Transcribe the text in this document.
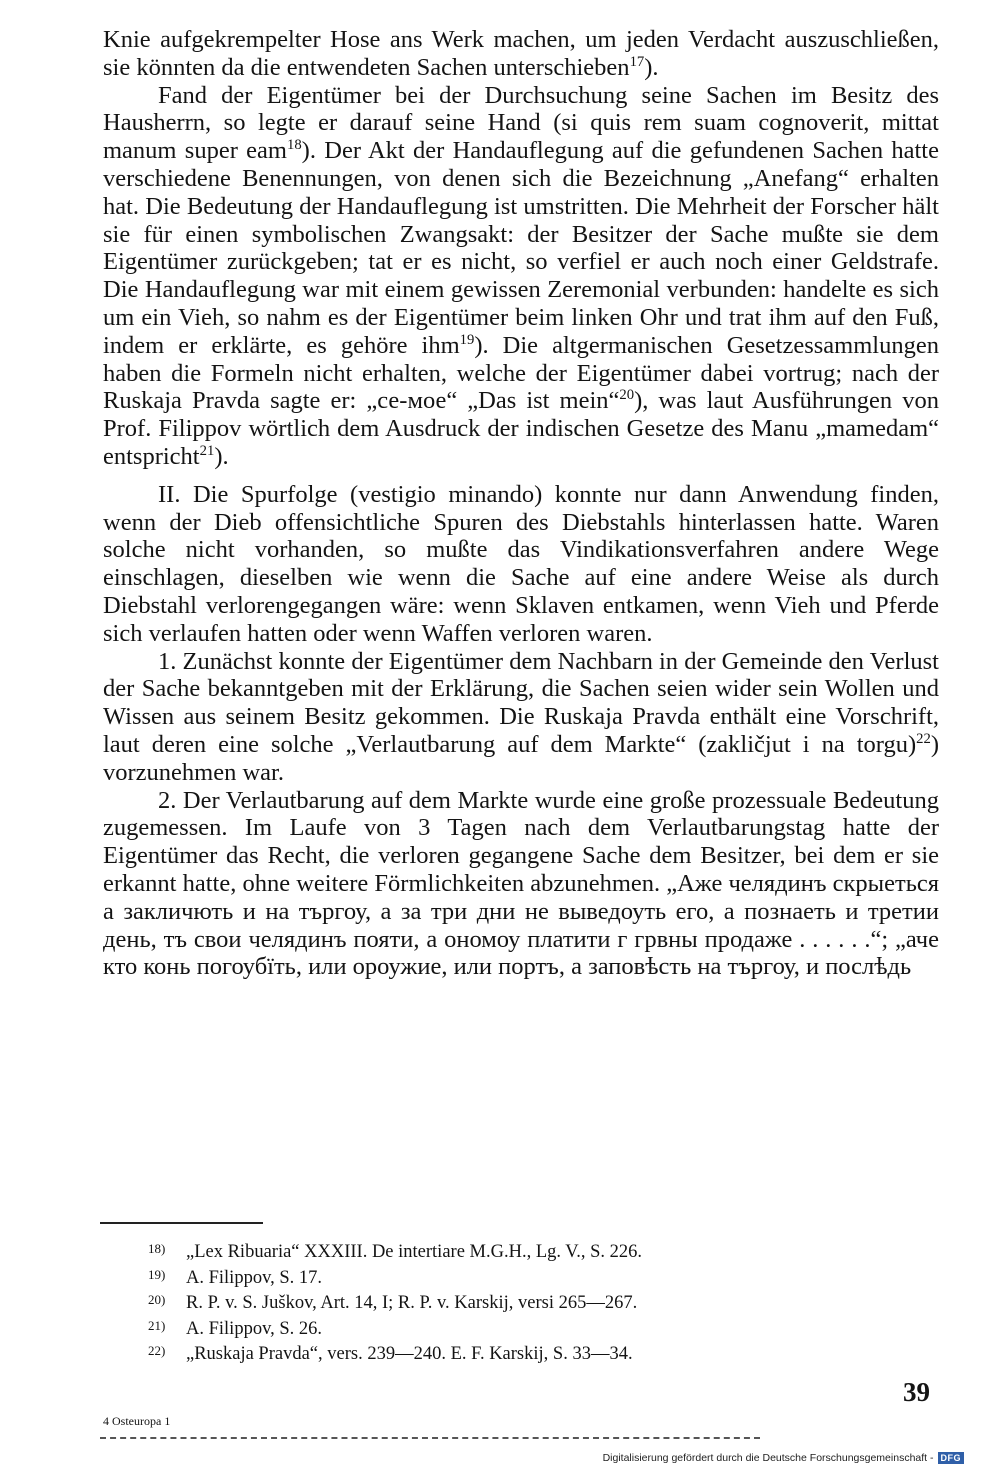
Knie aufgekrempelter Hose ans Werk machen, um jeden Verdacht auszuschließen, sie könnten da die entwendeten Sachen unterschieben$^{17}$).

Fand der Eigentümer bei der Durchsuchung seine Sachen im Besitz des Hausherrn, so legte er darauf seine Hand (si quis rem suam cognoverit, mittat manum super eam$^{18}$). Der Akt der Handauflegung auf die gefundenen Sachen hatte verschiedene Benennungen, von denen sich die Bezeichnung „Anefang“ erhalten hat. Die Bedeutung der Handauflegung ist umstritten. Die Mehrheit der Forscher hält sie für einen symbolischen Zwangsakt: der Besitzer der Sache mußte sie dem Eigentümer zurückgeben; tat er es nicht, so verfiel er auch noch einer Geldstrafe. Die Handauflegung war mit einem gewissen Zeremonial verbunden: handelte es sich um ein Vieh, so nahm es der Eigentümer beim linken Ohr und trat ihm auf den Fuß, indem er erklärte, es gehöre ihm$^{19}$). Die altgermanischen Gesetzessammlungen haben die Formeln nicht erhalten, welche der Eigentümer dabei vortrug; nach der Ruskaja Pravda sagte er: „се-мое“ „Das ist mein“$^{20}$), was laut Ausführungen von Prof. Filippov wörtlich dem Ausdruck der indischen Gesetze des Manu „mamedam“ entspricht$^{21}$).

II. Die Spurfolge (vestigio minando) konnte nur dann Anwendung finden, wenn der Dieb offensichtliche Spuren des Diebstahls hinterlassen hatte. Waren solche nicht vorhanden, so mußte das Vindikationsverfahren andere Wege einschlagen, dieselben wie wenn die Sache auf eine andere Weise als durch Diebstahl verlorengegangen wäre: wenn Sklaven entkamen, wenn Vieh und Pferde sich verlaufen hatten oder wenn Waffen verloren waren.

1. Zunächst konnte der Eigentümer dem Nachbarn in der Gemeinde den Verlust der Sache bekanntgeben mit der Erklärung, die Sachen seien wider sein Wollen und Wissen aus seinem Besitz gekommen. Die Ruskaja Pravda enthält eine Vorschrift, laut deren eine solche „Verlautbarung auf dem Markte“ (zakličjut i na torgu)$^{22}$) vorzunehmen war.

2. Der Verlautbarung auf dem Markte wurde eine große prozessuale Bedeutung zugemessen. Im Laufe von 3 Tagen nach dem Verlautbarungstag hatte der Eigentümer das Recht, die verloren gegangene Sache dem Besitzer, bei dem er sie erkannt hatte, ohne weitere Förmlichkeiten abzunehmen. „Аже челядинъ скрыеться а закличють и на търгоу, а за три дни не выведоуть его, а познаеть и третии день, тъ свои челядинъ пояти, а ономоу платити г грвны продаже . . . . . .“; „аче кто конь погоубїть, или ороужие, или портъ, а заповѣсть на търгоу, и послѣдь

18) „Lex Ribuaria“ XXXIII. De intertiare M.G.H., Lg. V., S. 226.
19) A. Filippov, S. 17.
20) R. P. v. S. Juškov, Art. 14, I; R. P. v. Karskij, versi 265—267.
21) A. Filippov, S. 26.
22) „Ruskaja Pravda“, vers. 239—240. E. F. Karskij, S. 33—34.
39
4 Osteuropa 1
Digitalisierung gefördert durch die Deutsche Forschungsgemeinschaft - DFG
